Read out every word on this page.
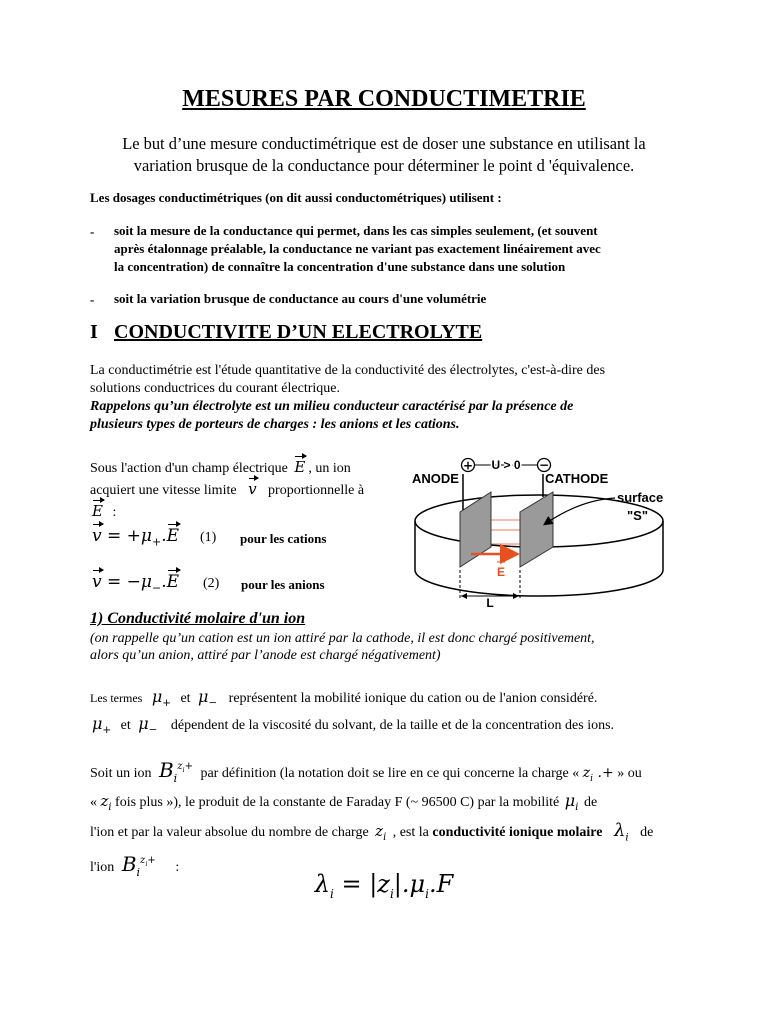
MESURES PAR CONDUCTIMETRIE
Le but d’une mesure conductimétrique est de doser une substance en utilisant la
variation brusque de la conductance pour déterminer le point d 'équivalence.
Les dosages conductimétriques (on dit aussi conductométriques) utilisent :
- soit la mesure de la conductance qui permet, dans les cas simples seulement, (et souvent
après étalonnage préalable, la conductance ne variant pas exactement linéairement avec
la concentration) de connaître la concentration d'une substance dans une solution
- soit la variation brusque de conductance au cours d'une volumétrie
I CONDUCTIVITE D’UN ELECTROLYTE
La conductimétrie est l'étude quantitative de la conductivité des électrolytes, c'est-à-dire des
solutions conductrices du courant électrique.
Rappelons qu’un électrolyte est un milieu conducteur caractérisé par la présence de
plusieurs types de porteurs de charges : les anions et les cations.
Sous l'action d'un champ électrique E , un ion
acquiert une vitesse limite v proportionnelle à
E :
$v = +\mu_+.E$ (1) pour les cations
$v = -\mu_-.E$ (2) pour les anions
+	−
U > 0
ANODE	CATHODE
surface
"S"
E
L
1) Conductivité molaire d'un ion
(on rappelle qu’un cation est un ion attiré par la cathode, il est donc chargé positivement,
alors qu’un anion, attiré par l’anode est chargé négativement)
Les termes $\mu_+$ et $\mu_-$ représentent la mobilité ionique du cation ou de l'anion considéré.
$\mu_+$ et $\mu_-$ dépendent de la viscosité du solvant, de la taille et de la concentration des ions.
Soit un ion $B_i^{z_i+}$ par définition (la notation doit se lire en ce qui concerne la charge « $z_i$ .+ » ou
« $z_i$ fois plus »), le produit de la constante de Faraday F (~ 96500 C) par la mobilité $\mu_i$ de
l'ion et par la valeur absolue du nombre de charge $z_i$ , est la conductivité ionique molaire $\lambda_i$ de
l'ion $B_i^{z_i+}$ :
$\lambda_i = |z_i|.\mu_i.F$
